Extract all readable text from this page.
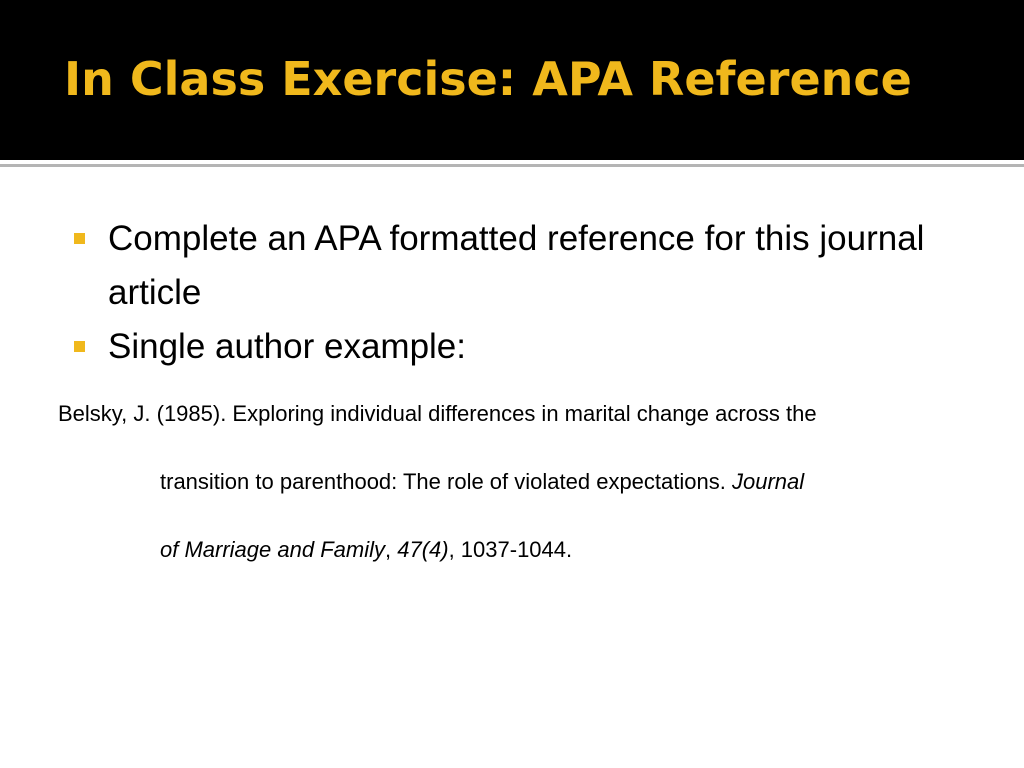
In Class Exercise: APA Reference
Complete an APA formatted reference for this journal article
Single author example:
Belsky, J. (1985). Exploring individual differences in marital change across the
transition to parenthood: The role of violated expectations. Journal
of Marriage and Family, 47(4), 1037-1044.
